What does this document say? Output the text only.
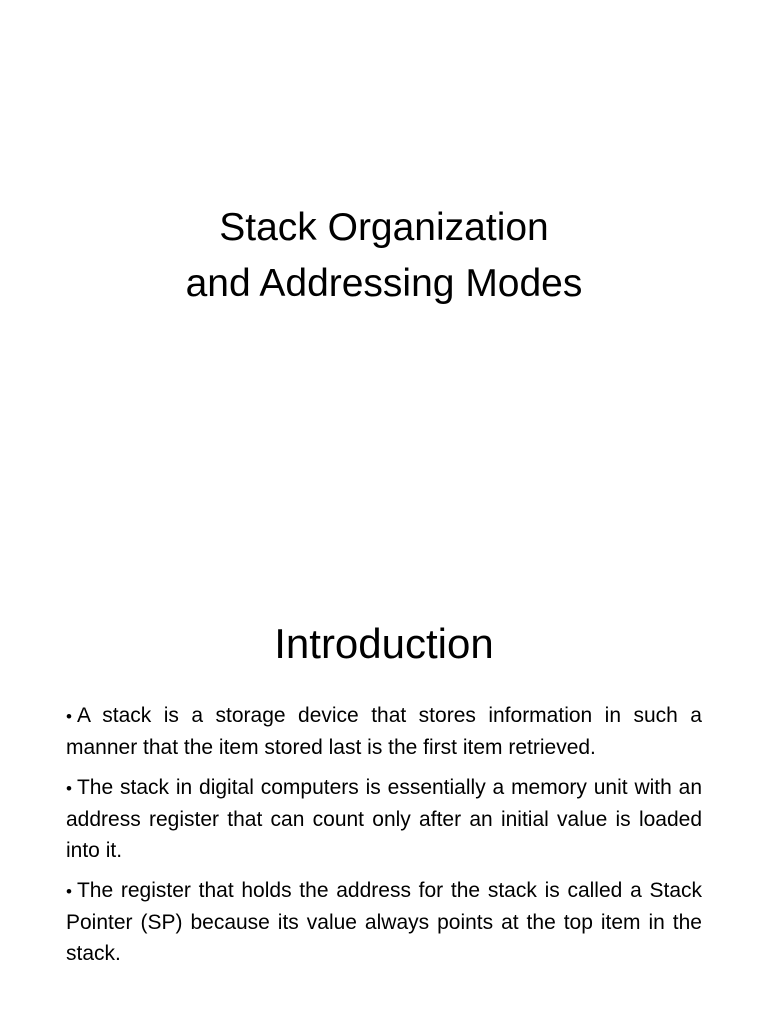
Stack Organization
and Addressing Modes
Introduction
• A stack is a storage device that stores information in such a manner that the item stored last is the first item retrieved.
• The stack in digital computers is essentially a memory unit with an address register that can count only after an initial value is loaded into it.
• The register that holds the address for the stack is called a Stack Pointer (SP) because its value always points at the top item in the stack.
